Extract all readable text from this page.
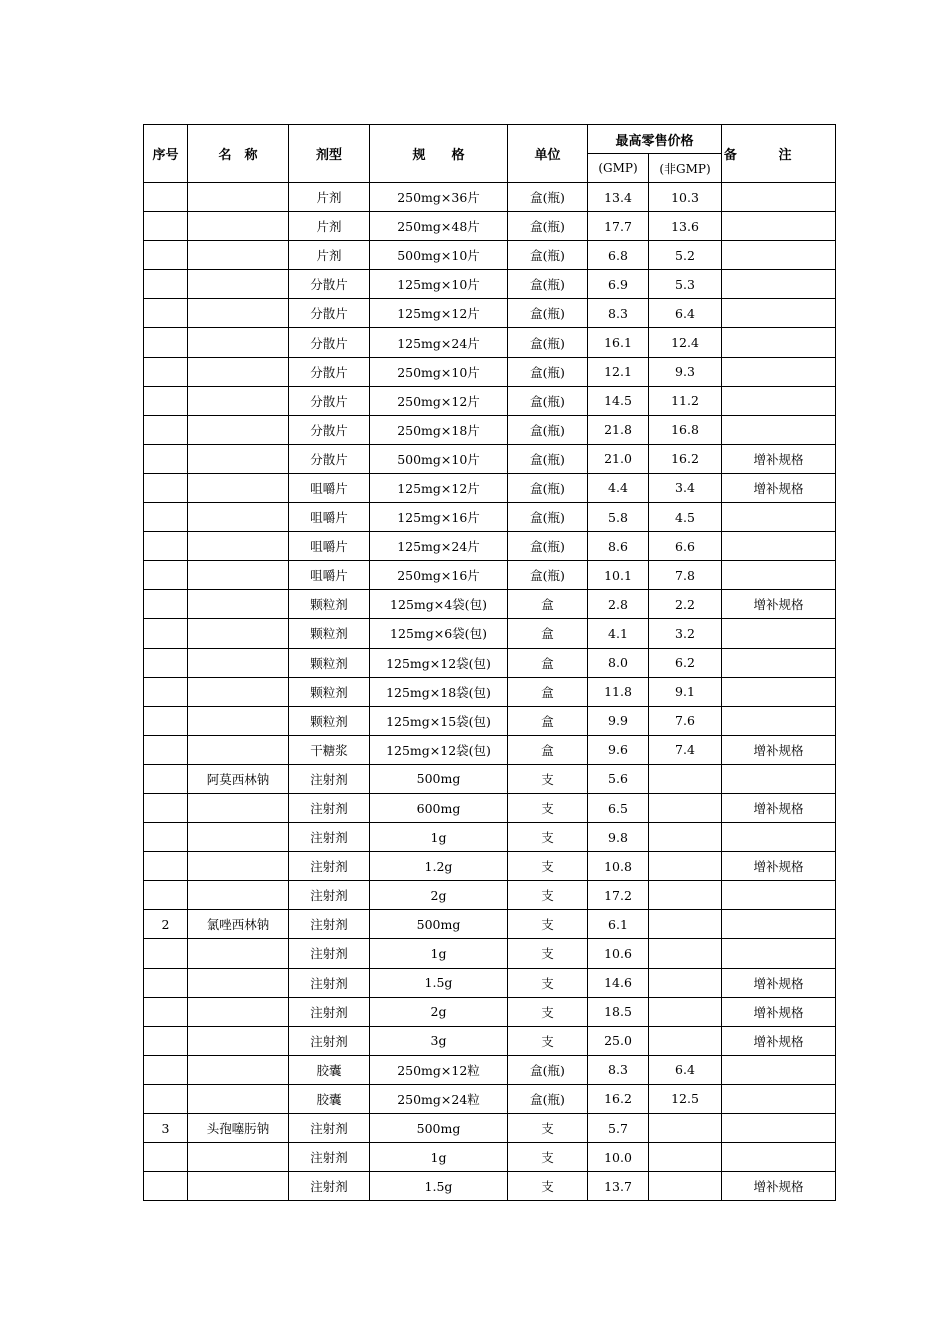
序号	名　称	剂型	规　　格	单位	最高零售价格		备注
					(GMP)	(非GMP)	
		片剂	250mg×36片	盒(瓶)	13.4	10.3	
		片剂	250mg×48片	盒(瓶)	17.7	13.6	
		片剂	500mg×10片	盒(瓶)	6.8	5.2	
		分散片	125mg×10片	盒(瓶)	6.9	5.3	
		分散片	125mg×12片	盒(瓶)	8.3	6.4	
		分散片	125mg×24片	盒(瓶)	16.1	12.4	
		分散片	250mg×10片	盒(瓶)	12.1	9.3	
		分散片	250mg×12片	盒(瓶)	14.5	11.2	
		分散片	250mg×18片	盒(瓶)	21.8	16.8	
		分散片	500mg×10片	盒(瓶)	21.0	16.2	增补规格
		咀嚼片	125mg×12片	盒(瓶)	4.4	3.4	增补规格
		咀嚼片	125mg×16片	盒(瓶)	5.8	4.5	
		咀嚼片	125mg×24片	盒(瓶)	8.6	6.6	
		咀嚼片	250mg×16片	盒(瓶)	10.1	7.8	
		颗粒剂	125mg×4袋(包)	盒	2.8	2.2	增补规格
		颗粒剂	125mg×6袋(包)	盒	4.1	3.2	
		颗粒剂	125mg×12袋(包)	盒	8.0	6.2	
		颗粒剂	125mg×18袋(包)	盒	11.8	9.1	
		颗粒剂	125mg×15袋(包)	盒	9.9	7.6	
		干糖浆	125mg×12袋(包)	盒	9.6	7.4	增补规格
	阿莫西林钠	注射剂	500mg	支	5.6		
		注射剂	600mg	支	6.5		增补规格
		注射剂	1g	支	9.8		
		注射剂	1.2g	支	10.8		增补规格
		注射剂	2g	支	17.2		
2	氯唑西林钠	注射剂	500mg	支	6.1		
		注射剂	1g	支	10.6		
		注射剂	1.5g	支	14.6		增补规格
		注射剂	2g	支	18.5		增补规格
		注射剂	3g	支	25.0		增补规格
		胶囊	250mg×12粒	盒(瓶)	8.3	6.4	
		胶囊	250mg×24粒	盒(瓶)	16.2	12.5	
3	头孢噻肟钠	注射剂	500mg	支	5.7		
		注射剂	1g	支	10.0		
		注射剂	1.5g	支	13.7		增补规格
